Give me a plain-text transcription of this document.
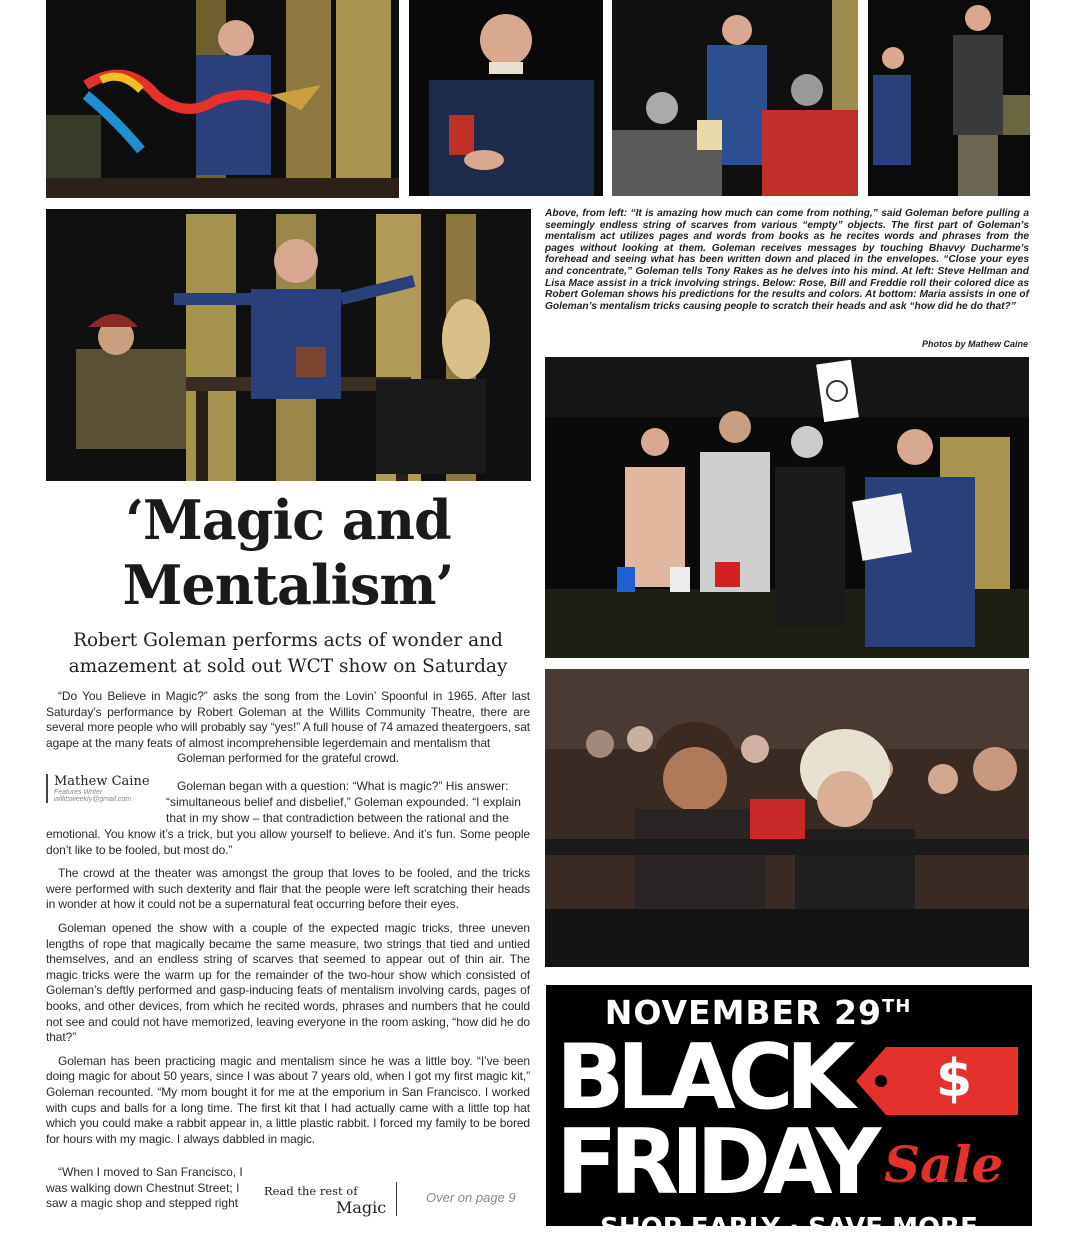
Above, from left: “It is amazing how much can come from nothing,” said Goleman before pulling a seemingly endless string of scarves from various “empty” objects. The first part of Goleman’s mentalism act utilizes pages and words from books as he recites words and phrases from the pages without looking at them. Goleman receives messages by touching Bhavvy Ducharme’s forehead and seeing what has been written down and placed in the envelopes. “Close your eyes and concentrate,” Goleman tells Tony Rakes as he delves into his mind. At left: Steve Hellman and Lisa Mace assist in a trick involving strings. Below: Rose, Bill and Freddie roll their colored dice as Robert Goleman shows his predictions for the results and colors. At bottom: Maria assists in one of Goleman’s mentalism tricks causing people to scratch their heads and ask “how did he do that?”
Photos by Mathew Caine
‘Magic and
Mentalism’
Robert Goleman performs acts of wonder and
amazement at sold out WCT show on Saturday

“Do You Believe in Magic?” asks the song from the Lovin’ Spoonful in 1965. After last Saturday’s performance by Robert Goleman at the Willits Community Theatre, there are several more people who will probably say “yes!” A full house of 74 amazed theatergoers, sat agape at the many feats of almost incomprehensible legerdemain and mentalism that

Goleman performed for the grateful crowd.
Mathew Caine
Features Writer
willitsweekly@gmail.com
Goleman began with a question: “What is magic?” His answer:
“simultaneous belief and disbelief,” Goleman expounded. “I explain
that in my show – that contradiction between the rational and the

emotional. You know it’s a trick, but you allow yourself to believe. And it’s fun. Some people don’t like to be fooled, but most do.”

The crowd at the theater was amongst the group that loves to be fooled, and the tricks were performed with such dexterity and flair that the people were left scratching their heads in wonder at how it could not be a supernatural feat occurring before their eyes.

Goleman opened the show with a couple of the expected magic tricks, three uneven lengths of rope that magically became the same measure, two strings that tied and untied themselves, and an endless string of scarves that seemed to appear out of thin air. The magic tricks were the warm up for the remainder of the two-hour show which consisted of Goleman’s deftly performed and gasp-inducing feats of mentalism involving cards, pages of books, and other devices, from which he recited words, phrases and numbers that he could not see and could not have memorized, leaving everyone in the room asking, “how did he do that?”

Goleman has been practicing magic and mentalism since he was a little boy. “I’ve been doing magic for about 50 years, since I was about 7 years old, when I got my first magic kit,” Goleman recounted. “My mom bought it for me at the emporium in San Francisco. I worked with cups and balls for a long time. The first kit that I had actually came with a little top hat which you could make a rabbit appear in, a little plastic rabbit. I forced my family to be bored for hours with my magic. I always dabbled in magic.

“When I moved to San Francisco, I
was walking down Chestnut Street; I
saw a magic shop and stepped right
Read the rest of
Magic
Over on page 9
NOVEMBER 29TH
BLACK $
FRIDAY Sale
SHOP EARLY · SAVE MORE
